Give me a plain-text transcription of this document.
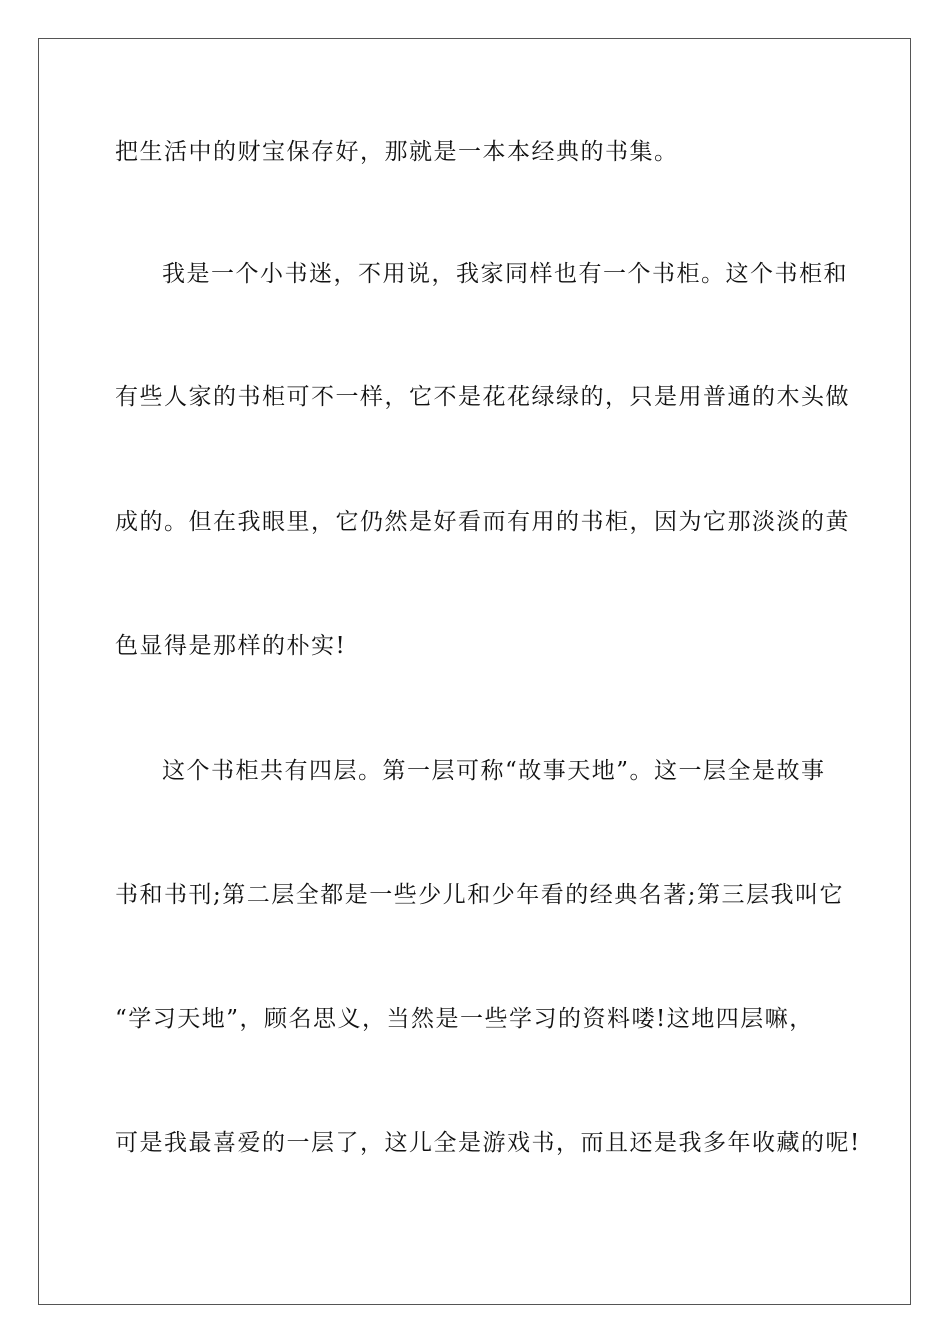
把生活中的财宝保存好，那就是一本本经典的书集。

我是一个小书迷，不用说，我家同样也有一个书柜。这个书柜和

有些人家的书柜可不一样，它不是花花绿绿的，只是用普通的木头做

成的。但在我眼里，它仍然是好看而有用的书柜，因为它那淡淡的黄

色显得是那样的朴实!

这个书柜共有四层。第一层可称“故事天地”。这一层全是故事

书和书刊;第二层全都是一些少儿和少年看的经典名著;第三层我叫它

“学习天地”，顾名思义，当然是一些学习的资料喽!这地四层嘛，

可是我最喜爱的一层了，这儿全是游戏书，而且还是我多年收藏的呢!
